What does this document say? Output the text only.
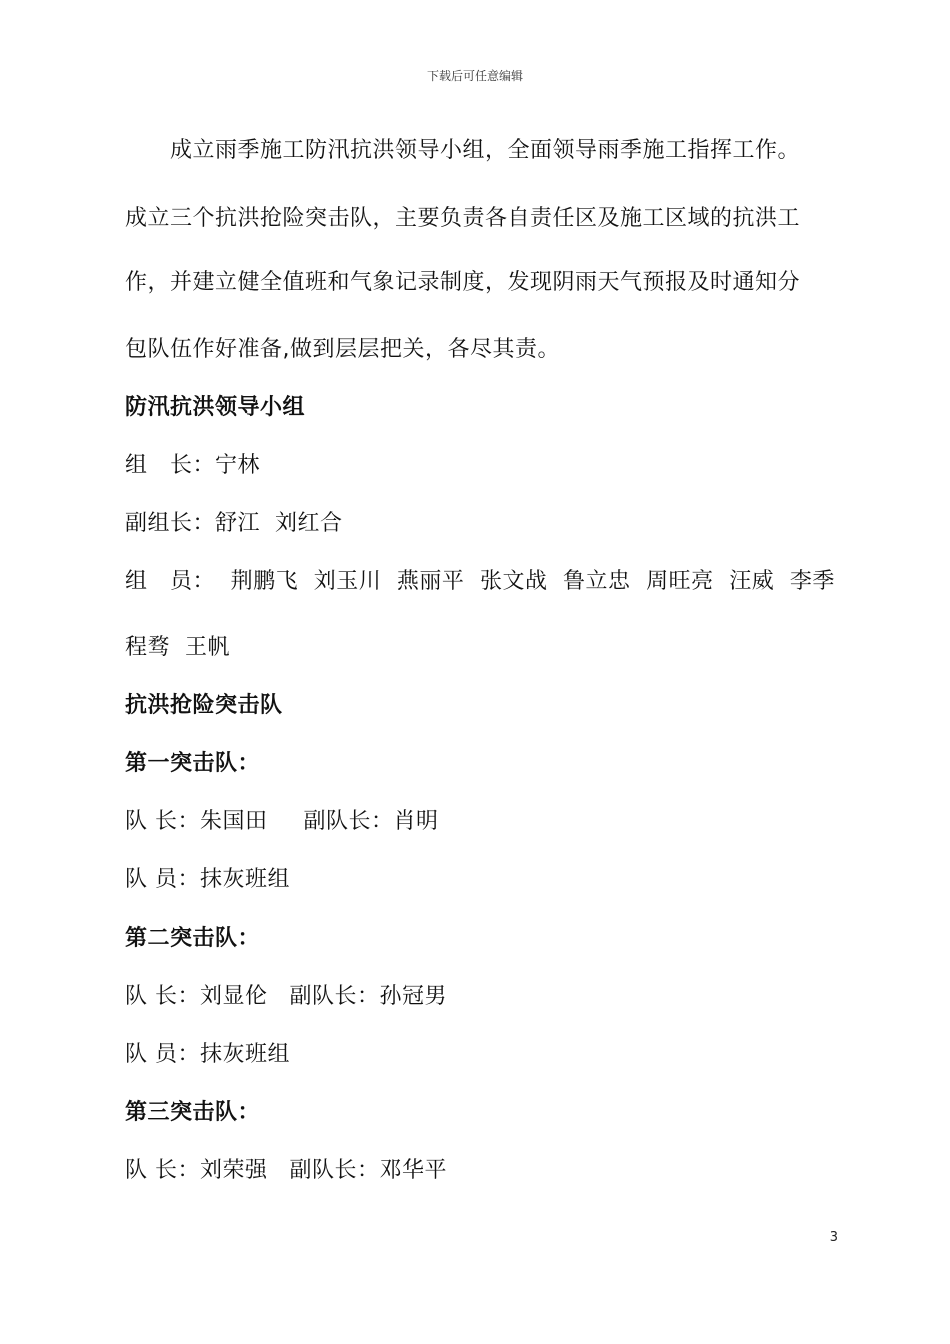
下载后可任意编辑
成立雨季施工防汛抗洪领导小组，全面领导雨季施工指挥工作。
成立三个抗洪抢险突击队，主要负责各自责任区及施工区域的抗洪工
作，并建立健全值班和气象记录制度，发现阴雨天气预报及时通知分
包队伍作好准备,做到层层把关，各尽其责。
防汛抗洪领导小组
组　长：宁林
副组长：舒江  刘红合
组　员： 荆鹏飞 刘玉川 燕丽平 张文战 鲁立忠 周旺亮 汪威 李季
程骛  王帆
抗洪抢险突击队
第一突击队：
队 长：朱国田 副队长：肖明
队 员：抹灰班组
第二突击队：
队 长：刘显伦 副队长：孙冠男
队 员：抹灰班组
第三突击队：
队 长：刘荣强 副队长：邓华平
3
